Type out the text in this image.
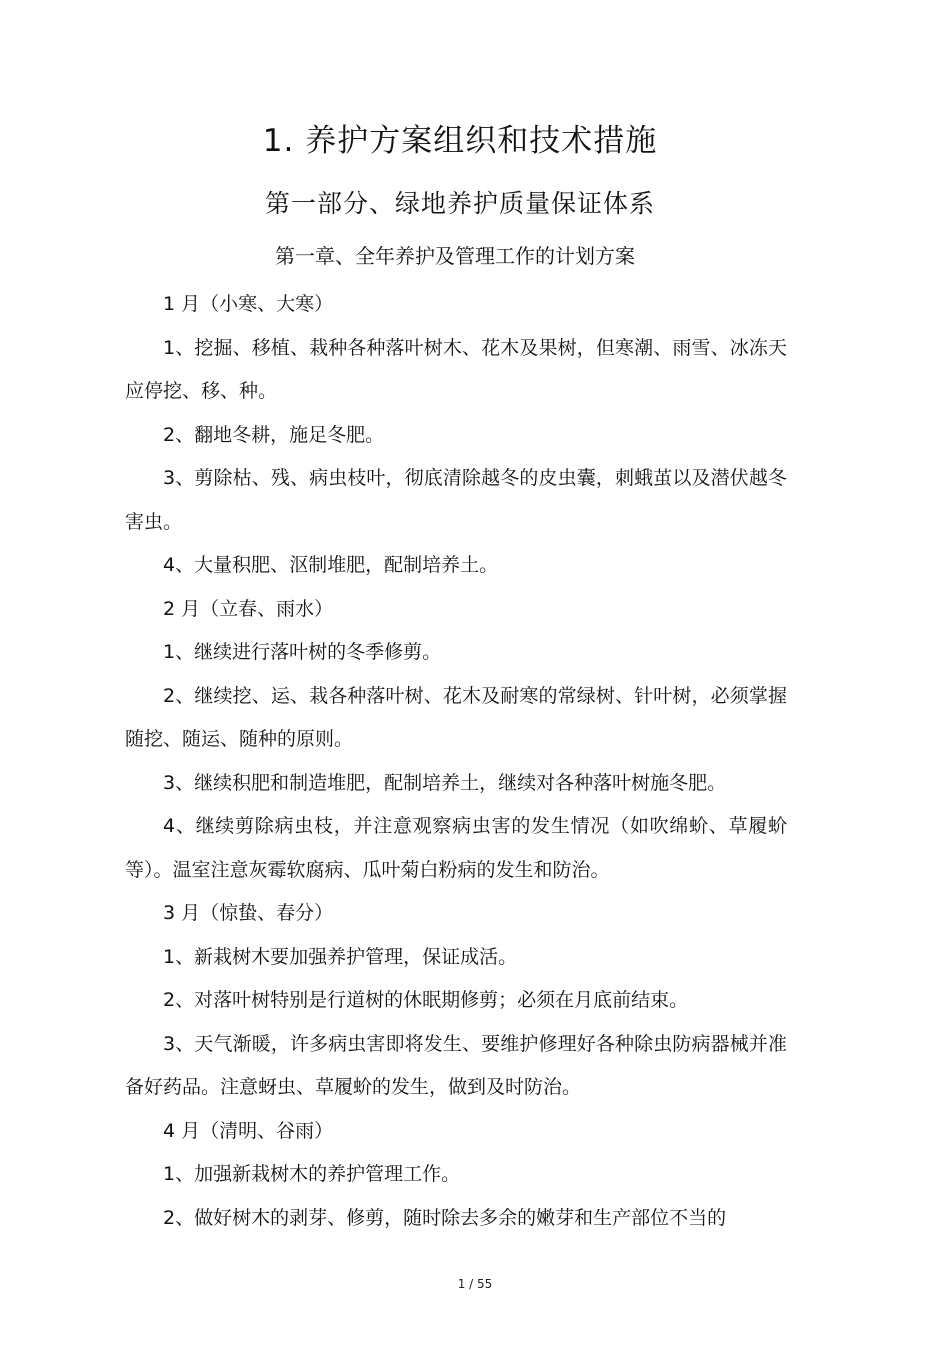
1. 养护方案组织和技术措施
第一部分、绿地养护质量保证体系
第一章、全年养护及管理工作的计划方案

1 月（小寒、大寒）

1、挖掘、移植、栽种各种落叶树木、花木及果树，但寒潮、雨雪、冰冻天应停挖、移、种。

2、翻地冬耕，施足冬肥。

3、剪除枯、残、病虫枝叶，彻底清除越冬的皮虫囊，刺蛾茧以及潜伏越冬害虫。

4、大量积肥、沤制堆肥，配制培养土。

2 月（立春、雨水）

1、继续进行落叶树的冬季修剪。

2、继续挖、运、栽各种落叶树、花木及耐寒的常绿树、针叶树，必须掌握随挖、随运、随种的原则。

3、继续积肥和制造堆肥，配制培养土，继续对各种落叶树施冬肥。

4、继续剪除病虫枝，并注意观察病虫害的发生情况（如吹绵蚧、草履蚧等）。温室注意灰霉软腐病、瓜叶菊白粉病的发生和防治。

3 月（惊蛰、春分）

1、新栽树木要加强养护管理，保证成活。

2、对落叶树特别是行道树的休眠期修剪；必须在月底前结束。

3、天气渐暖，许多病虫害即将发生、要维护修理好各种除虫防病器械并准备好药品。注意蚜虫、草履蚧的发生，做到及时防治。

4 月（清明、谷雨）

1、加强新栽树木的养护管理工作。

2、做好树木的剥芽、修剪，随时除去多余的嫩芽和生产部位不当的

1 / 55
